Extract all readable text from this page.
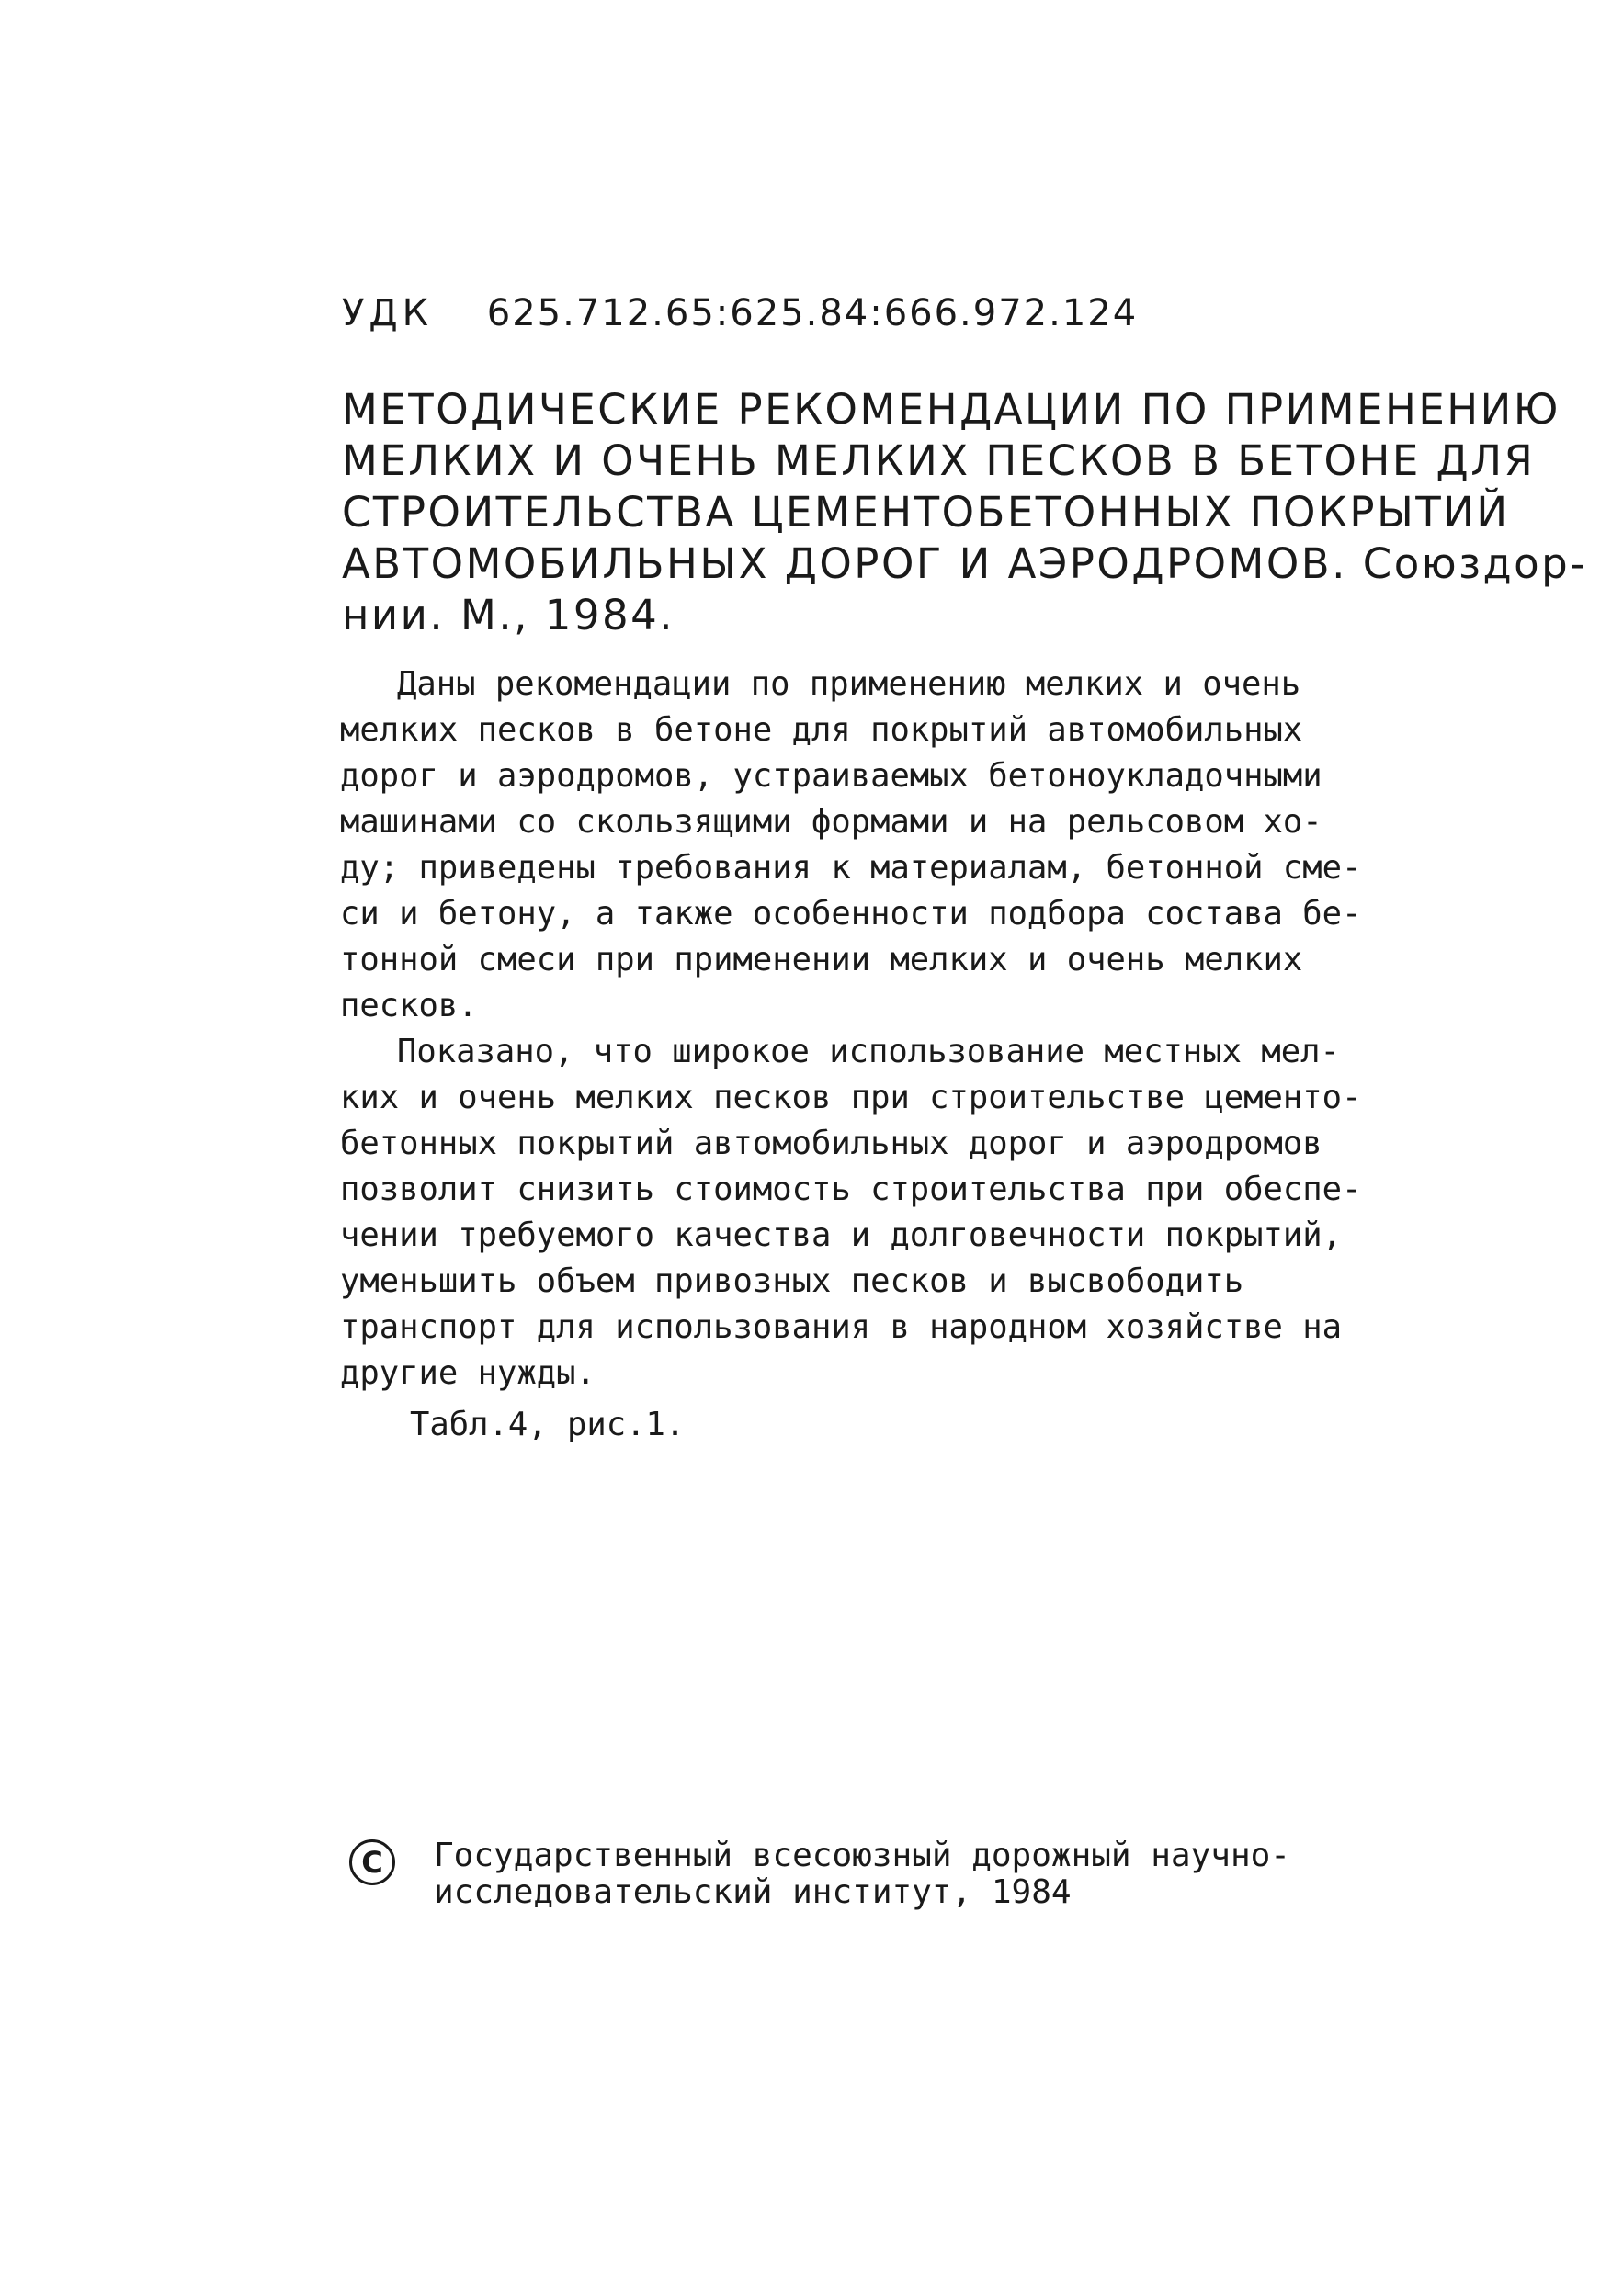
УДК 625.712.65:625.84:666.972.124
МЕТОДИЧЕСКИЕ РЕКОМЕНДАЦИИ ПО ПРИМЕНЕНИЮ
МЕЛКИХ И ОЧЕНЬ МЕЛКИХ ПЕСКОВ В БЕТОНЕ ДЛЯ
СТРОИТЕЛЬСТВА ЦЕМЕНТОБЕТОННЫХ ПОКРЫТИЙ
АВТОМОБИЛЬНЫХ ДОРОГ И АЭРОДРОМОВ. Союздор-
нии. М., 1984.
Даны рекомендации по применению мелких и очень
мелких песков в бетоне для покрытий автомобильных
дорог и аэродромов, устраиваемых бетоноукладочными
машинами со скользящими формами и на рельсовом хо-
ду; приведены требования к материалам, бетонной сме-
си и бетону, а также особенности подбора состава бе-
тонной смеси при применении мелких и очень мелких
песков.
Показано, что широкое использование местных мел-
ких и очень мелких песков при строительстве цементо-
бетонных покрытий автомобильных дорог и аэродромов
позволит снизить стоимость строительства при обеспе-
чении требуемого качества и долговечности покрытий,
уменьшить объем привозных песков и высвободить
транспорт для использования в народном хозяйстве на
другие нужды.
Табл.4, рис.1.
C	Государственный всесоюзный дорожный научно-
исследовательский институт, 1984
